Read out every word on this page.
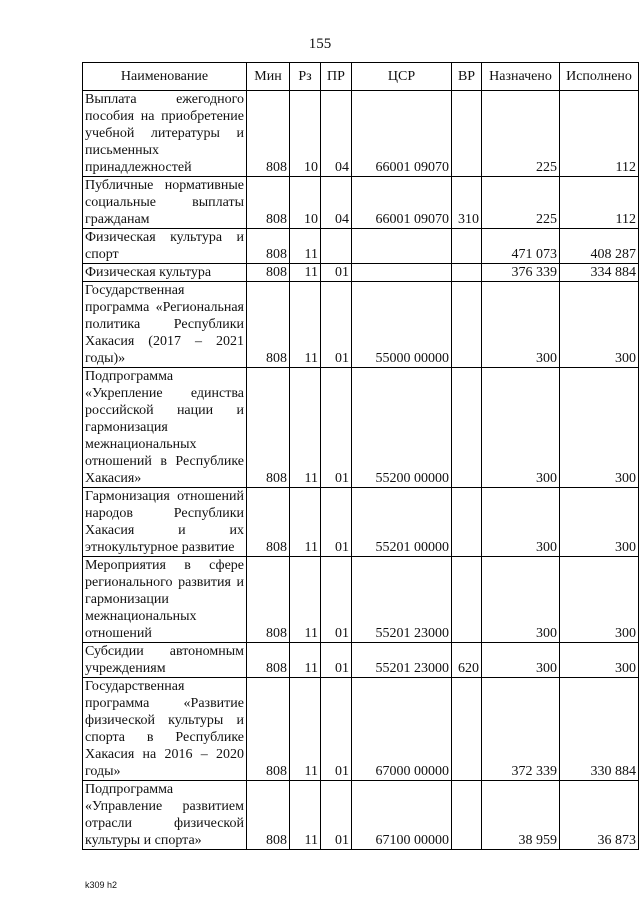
155
Наименование	Мин	Рз	ПР	ЦСР	ВР	Назначено	Исполнено
Выплата ежегодного пособия на приобретение учебной литературы и письменных принадлежностей	808	10	04	66001 09070		225	112
Публичные нормативные социальные выплаты гражданам	808	10	04	66001 09070	310	225	112
Физическая культура и спорт	808	11				471 073	408 287
Физическая культура	808	11	01			376 339	334 884
Государственная программа «Региональная политика Республики Хакасия (2017 – 2021 годы)»	808	11	01	55000 00000		300	300
Подпрограмма «Укрепление единства российской нации и гармонизация межнациональных отношений в Республике Хакасия»	808	11	01	55200 00000		300	300
Гармонизация отношений народов Республики Хакасия и их этнокультурное развитие	808	11	01	55201 00000		300	300
Мероприятия в сфере регионального развития и гармонизации межнациональных отношений	808	11	01	55201 23000		300	300
Субсидии автономным учреждениям	808	11	01	55201 23000	620	300	300
Государственная программа «Развитие физической культуры и спорта в Республике Хакасия на 2016 – 2020 годы»	808	11	01	67000 00000		372 339	330 884
Подпрограмма «Управление развитием отрасли физической культуры и спорта»	808	11	01	67100 00000		38 959	36 873
k309 h2
